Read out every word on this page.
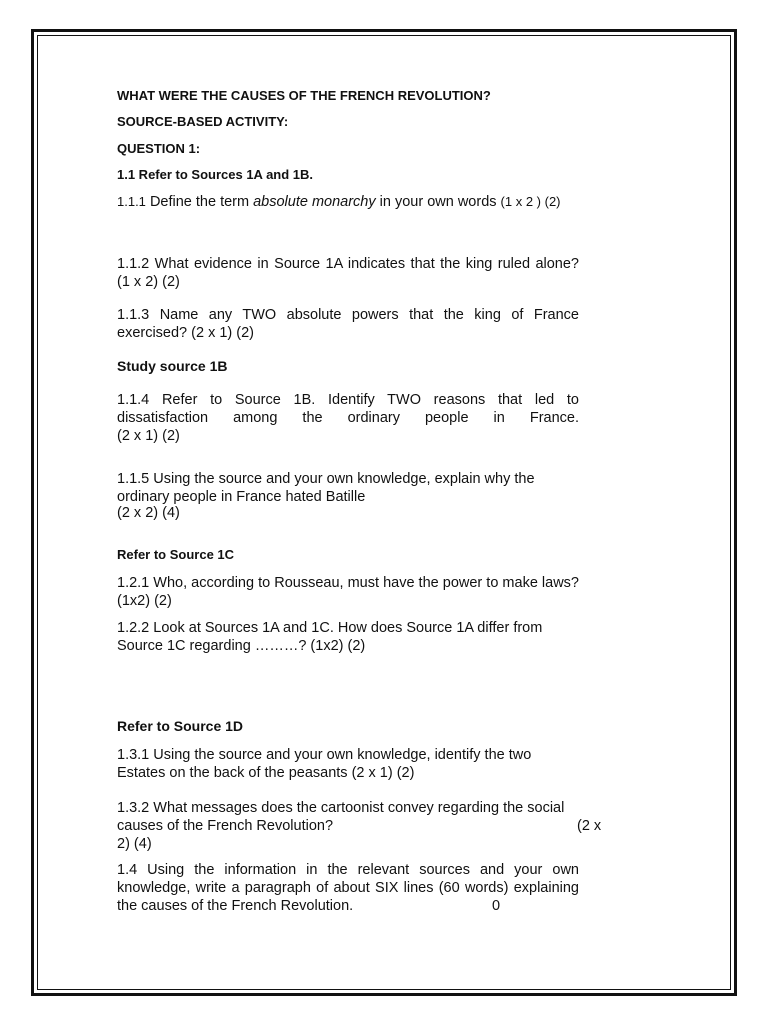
WHAT WERE THE CAUSES OF THE FRENCH REVOLUTION?

SOURCE-BASED ACTIVITY:

QUESTION 1:

1.1 Refer to Sources 1A and 1B.

1.1.1 Define the term absolute monarchy in your own words (1 x 2 ) (2)

1.1.2 What evidence in Source 1A indicates that the king ruled alone? (1 x 2) (2)

1.1.3 Name any TWO absolute powers that the king of France exercised? (2 x 1) (2)

Study source 1B

1.1.4 Refer to Source 1B. Identify TWO reasons that led to dissatisfaction among the ordinary people in France.

(2 x 1) (2)

1.1.5 Using the source and your own knowledge, explain why the ordinary people in France hated Batille

(2 x 2) (4)

Refer to Source 1C

1.2.1 Who, according to Rousseau, must have the power to make laws? (1x2) (2)

1.2.2 Look at Sources 1A and 1C. How does Source 1A differ from Source 1C regarding ………? (1x2) (2)

Refer to Source 1D

1.3.1 Using the source and your own knowledge, identify the two Estates on the back of the peasants (2 x 1) (2)

1.3.2 What messages does the cartoonist convey regarding the social causes of the French Revolution?	(2 x

2) (4)

1.4 Using the information in the relevant sources and your own knowledge, write a paragraph of about SIX lines (60 words) explaining the causes of the French Revolution.	0
